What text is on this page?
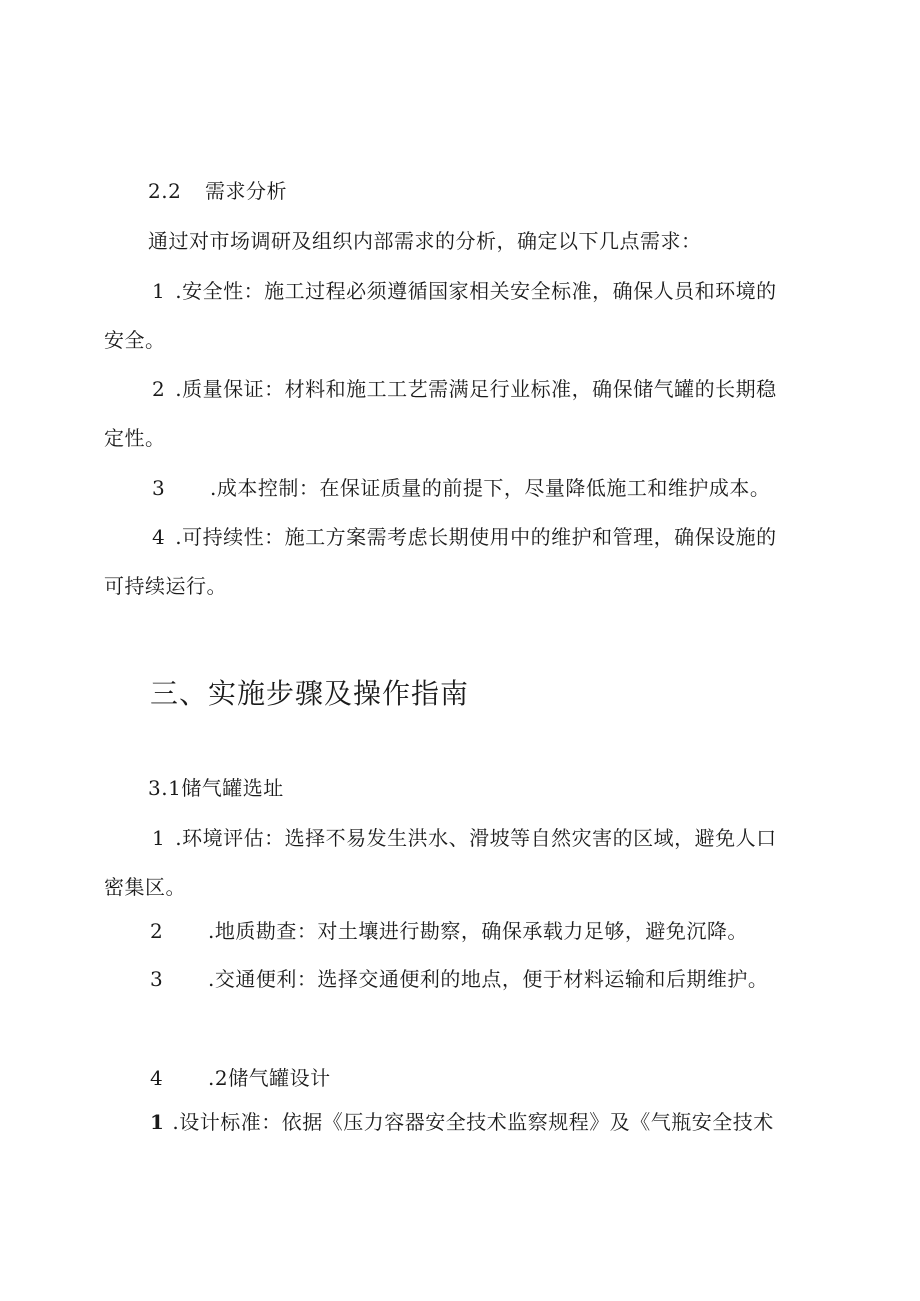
2.2 需求分析
通过对市场调研及组织内部需求的分析，确定以下几点需求：
1 .安全性：施工过程必须遵循国家相关安全标准，确保人员和环境的
安全。
2 .质量保证：材料和施工工艺需满足行业标准，确保储气罐的长期稳
定性。
3 .成本控制：在保证质量的前提下，尽量降低施工和维护成本。
4 .可持续性：施工方案需考虑长期使用中的维护和管理，确保设施的
可持续运行。
三、实施步骤及操作指南
3.1储气罐选址
1 .环境评估：选择不易发生洪水、滑坡等自然灾害的区域，避免人口
密集区。
2 .地质勘查：对土壤进行勘察，确保承载力足够，避免沉降。
3 .交通便利：选择交通便利的地点，便于材料运输和后期维护。
4 .2储气罐设计
1 .设计标准：依据《压力容器安全技术监察规程》及《气瓶安全技术
